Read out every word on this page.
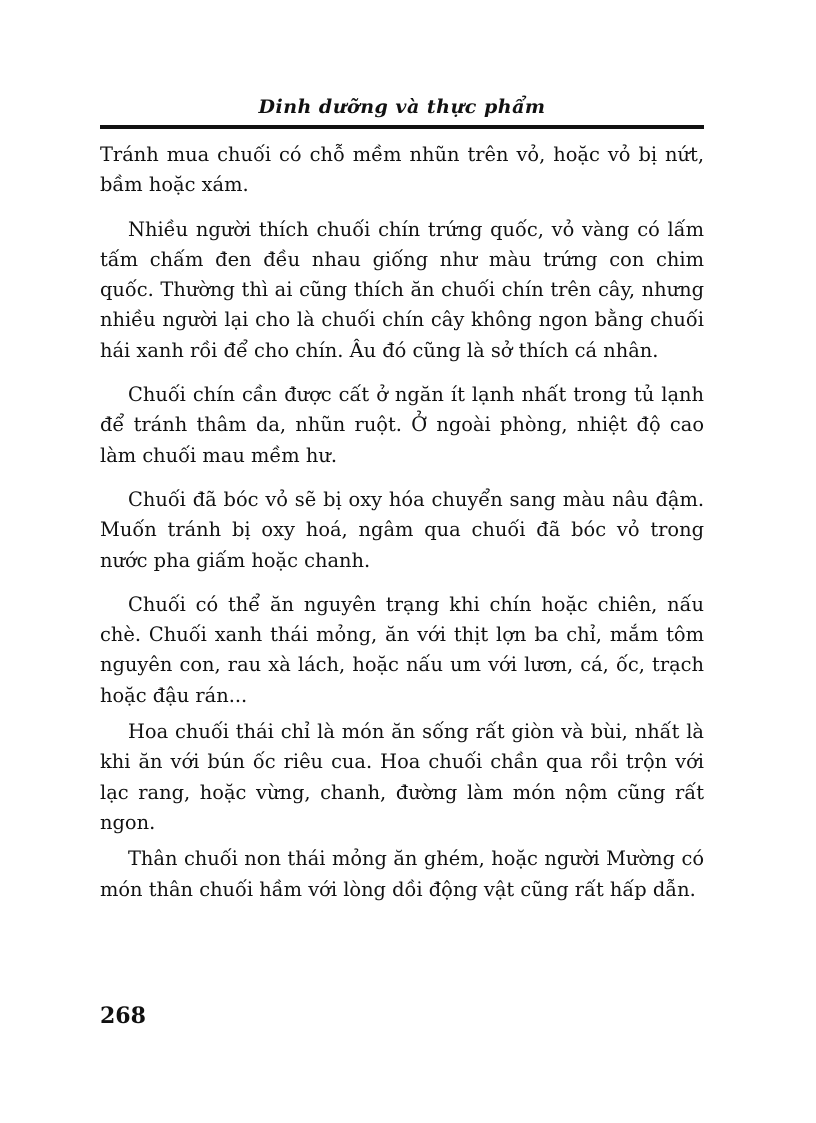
Dinh dưỡng và thực phẩm

Tránh mua chuối có chỗ mềm nhũn trên vỏ, hoặc vỏ bị nứt, bầm hoặc xám.

Nhiều người thích chuối chín trứng quốc, vỏ vàng có lấm tấm chấm đen đều nhau giống như màu trứng con chim quốc. Thường thì ai cũng thích ăn chuối chín trên cây, nhưng nhiều người lại cho là chuối chín cây không ngon bằng chuối hái xanh rồi để cho chín. Âu đó cũng là sở thích cá nhân.

Chuối chín cần được cất ở ngăn ít lạnh nhất trong tủ lạnh để tránh thâm da, nhũn ruột. Ở ngoài phòng, nhiệt độ cao làm chuối mau mềm hư.

Chuối đã bóc vỏ sẽ bị oxy hóa chuyển sang màu nâu đậm. Muốn tránh bị oxy hoá, ngâm qua chuối đã bóc vỏ trong nước pha giấm hoặc chanh.

Chuối có thể ăn nguyên trạng khi chín hoặc chiên, nấu chè. Chuối xanh thái mỏng, ăn với thịt lợn ba chỉ, mắm tôm nguyên con, rau xà lách, hoặc nấu um với lươn, cá, ốc, trạch hoặc đậu rán...

Hoa chuối thái chỉ là món ăn sống rất giòn và bùi, nhất là khi ăn với bún ốc riêu cua. Hoa chuối chần qua rồi trộn với lạc rang, hoặc vừng, chanh, đường làm món nộm cũng rất ngon.

Thân chuối non thái mỏng ăn ghém, hoặc người Mường có món thân chuối hầm với lòng dồi động vật cũng rất hấp dẫn.

268
